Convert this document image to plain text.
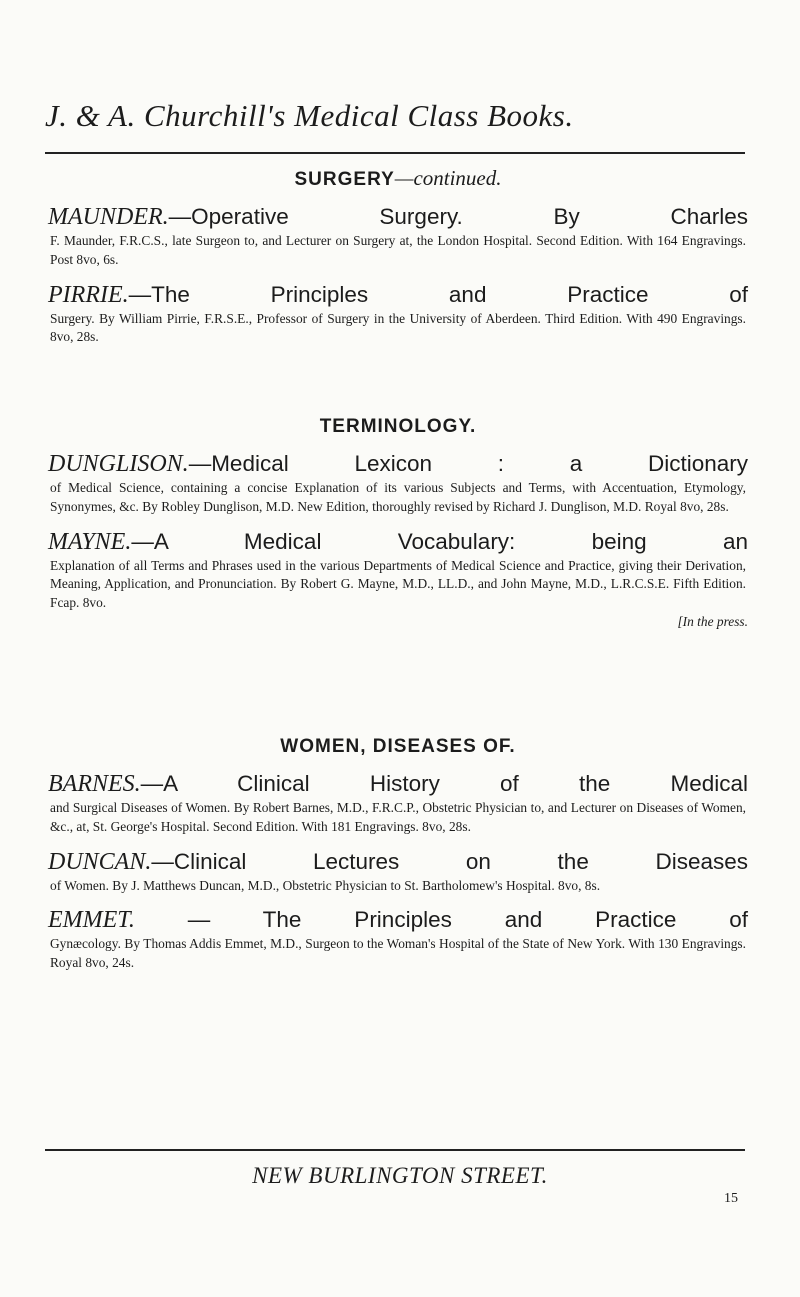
J. & A. Churchill's Medical Class Books.

SURGERY—continued.

MAUNDER.—Operative Surgery. By Charles
F. Maunder, F.R.C.S., late Surgeon to, and Lecturer on Surgery at, the London Hospital. Second Edition. With 164 Engravings. Post 8vo, 6s.
PIRRIE.—The Principles and Practice of
Surgery. By William Pirrie, F.R.S.E., Professor of Surgery in the University of Aberdeen. Third Edition. With 490 Engravings. 8vo, 28s.

TERMINOLOGY.

DUNGLISON.—Medical Lexicon : a Dictionary
of Medical Science, containing a concise Explanation of its various Subjects and Terms, with Accentuation, Etymology, Synonymes, &c. By Robley Dunglison, M.D. New Edition, thoroughly revised by Richard J. Dunglison, M.D. Royal 8vo, 28s.
MAYNE.—A Medical Vocabulary: being an
Explanation of all Terms and Phrases used in the various Departments of Medical Science and Practice, giving their Derivation, Meaning, Application, and Pronunciation. By Robert G. Mayne, M.D., LL.D., and John Mayne, M.D., L.R.C.S.E. Fifth Edition. Fcap. 8vo.
[In the press.

WOMEN, DISEASES OF.

BARNES.—A Clinical History of the Medical
and Surgical Diseases of Women. By Robert Barnes, M.D., F.R.C.P., Obstetric Physician to, and Lecturer on Diseases of Women, &c., at, St. George's Hospital. Second Edition. With 181 Engravings. 8vo, 28s.
DUNCAN.—Clinical Lectures on the Diseases
of Women. By J. Matthews Duncan, M.D., Obstetric Physician to St. Bartholomew's Hospital. 8vo, 8s.
EMMET. — The Principles and Practice of
Gynæcology. By Thomas Addis Emmet, M.D., Surgeon to the Woman's Hospital of the State of New York. With 130 Engravings. Royal 8vo, 24s.
NEW BURLINGTON STREET.
15
